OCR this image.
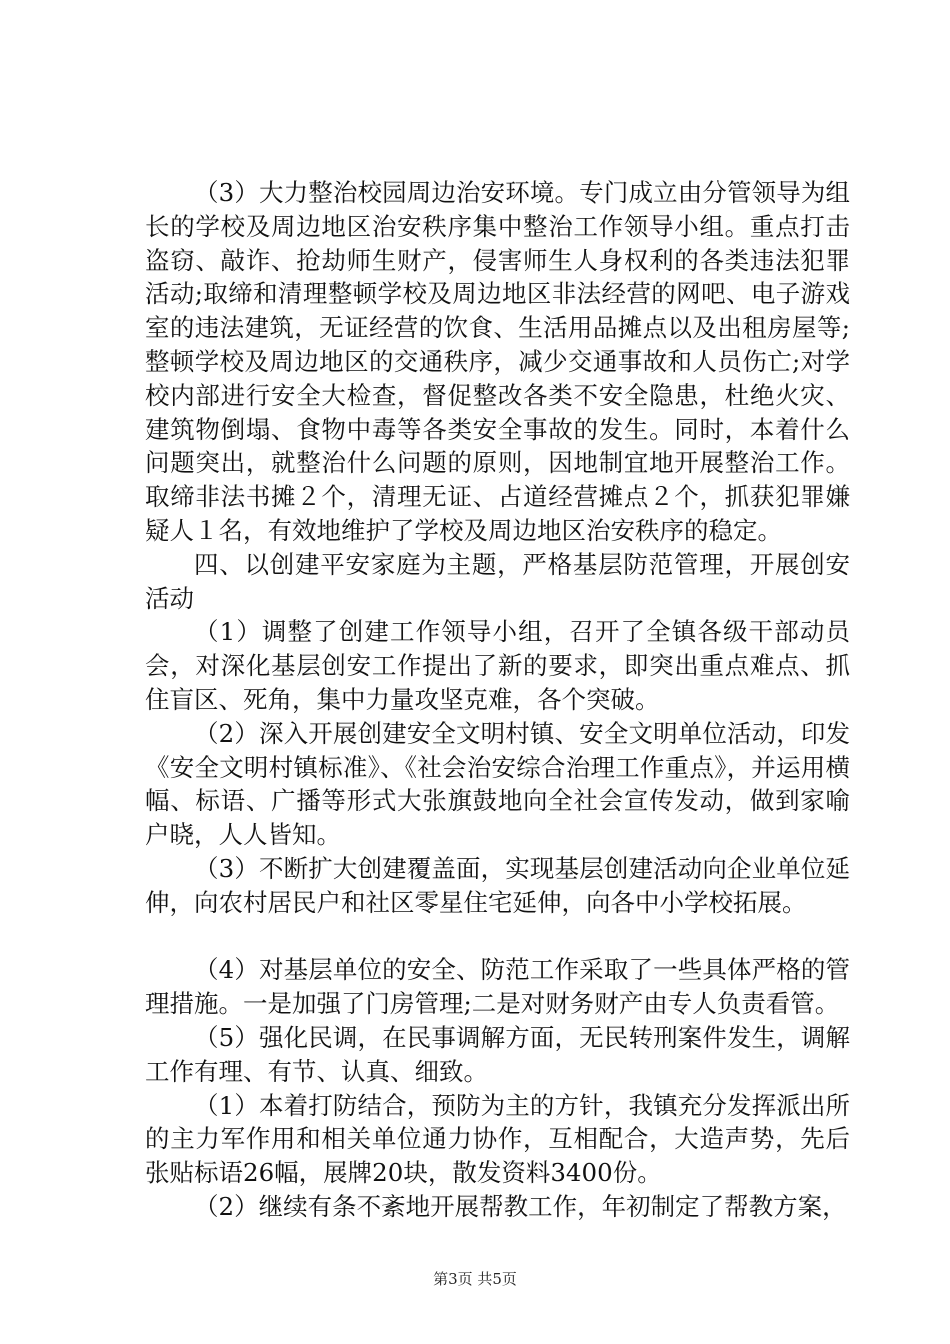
（3）大力整治校园周边治安环境。专门成立由分管领导为组长的学校及周边地区治安秩序集中整治工作领导小组。重点打击盗窃、敲诈、抢劫师生财产，侵害师生人身权利的各类违法犯罪活动;取缔和清理整顿学校及周边地区非法经营的网吧、电子游戏室的违法建筑，无证经营的饮食、生活用品摊点以及出租房屋等;整顿学校及周边地区的交通秩序，减少交通事故和人员伤亡;对学校内部进行安全大检查，督促整改各类不安全隐患，杜绝火灾、建筑物倒塌、食物中毒等各类安全事故的发生。同时，本着什么问题突出，就整治什么问题的原则，因地制宜地开展整治工作。取缔非法书摊２个，清理无证、占道经营摊点２个，抓获犯罪嫌疑人１名，有效地维护了学校及周边地区治安秩序的稳定。

四、以创建平安家庭为主题，严格基层防范管理，开展创安活动

（1）调整了创建工作领导小组，召开了全镇各级干部动员会，对深化基层创安工作提出了新的要求，即突出重点难点、抓住盲区、死角，集中力量攻坚克难，各个突破。

（2）深入开展创建安全文明村镇、安全文明单位活动，印发《安全文明村镇标准》、《社会治安综合治理工作重点》，并运用横幅、标语、广播等形式大张旗鼓地向全社会宣传发动，做到家喻户晓，人人皆知。

（3）不断扩大创建覆盖面，实现基层创建活动向企业单位延伸，向农村居民户和社区零星住宅延伸，向各中小学校拓展。

（4）对基层单位的安全、防范工作采取了一些具体严格的管理措施。一是加强了门房管理;二是对财务财产由专人负责看管。

（5）强化民调，在民事调解方面，无民转刑案件发生，调解工作有理、有节、认真、细致。

（1）本着打防结合，预防为主的方针，我镇充分发挥派出所的主力军作用和相关单位通力协作，互相配合，大造声势，先后张贴标语26幅，展牌20块，散发资料3400份。

（2）继续有条不紊地开展帮教工作，年初制定了帮教方案，

第3页 共5页
